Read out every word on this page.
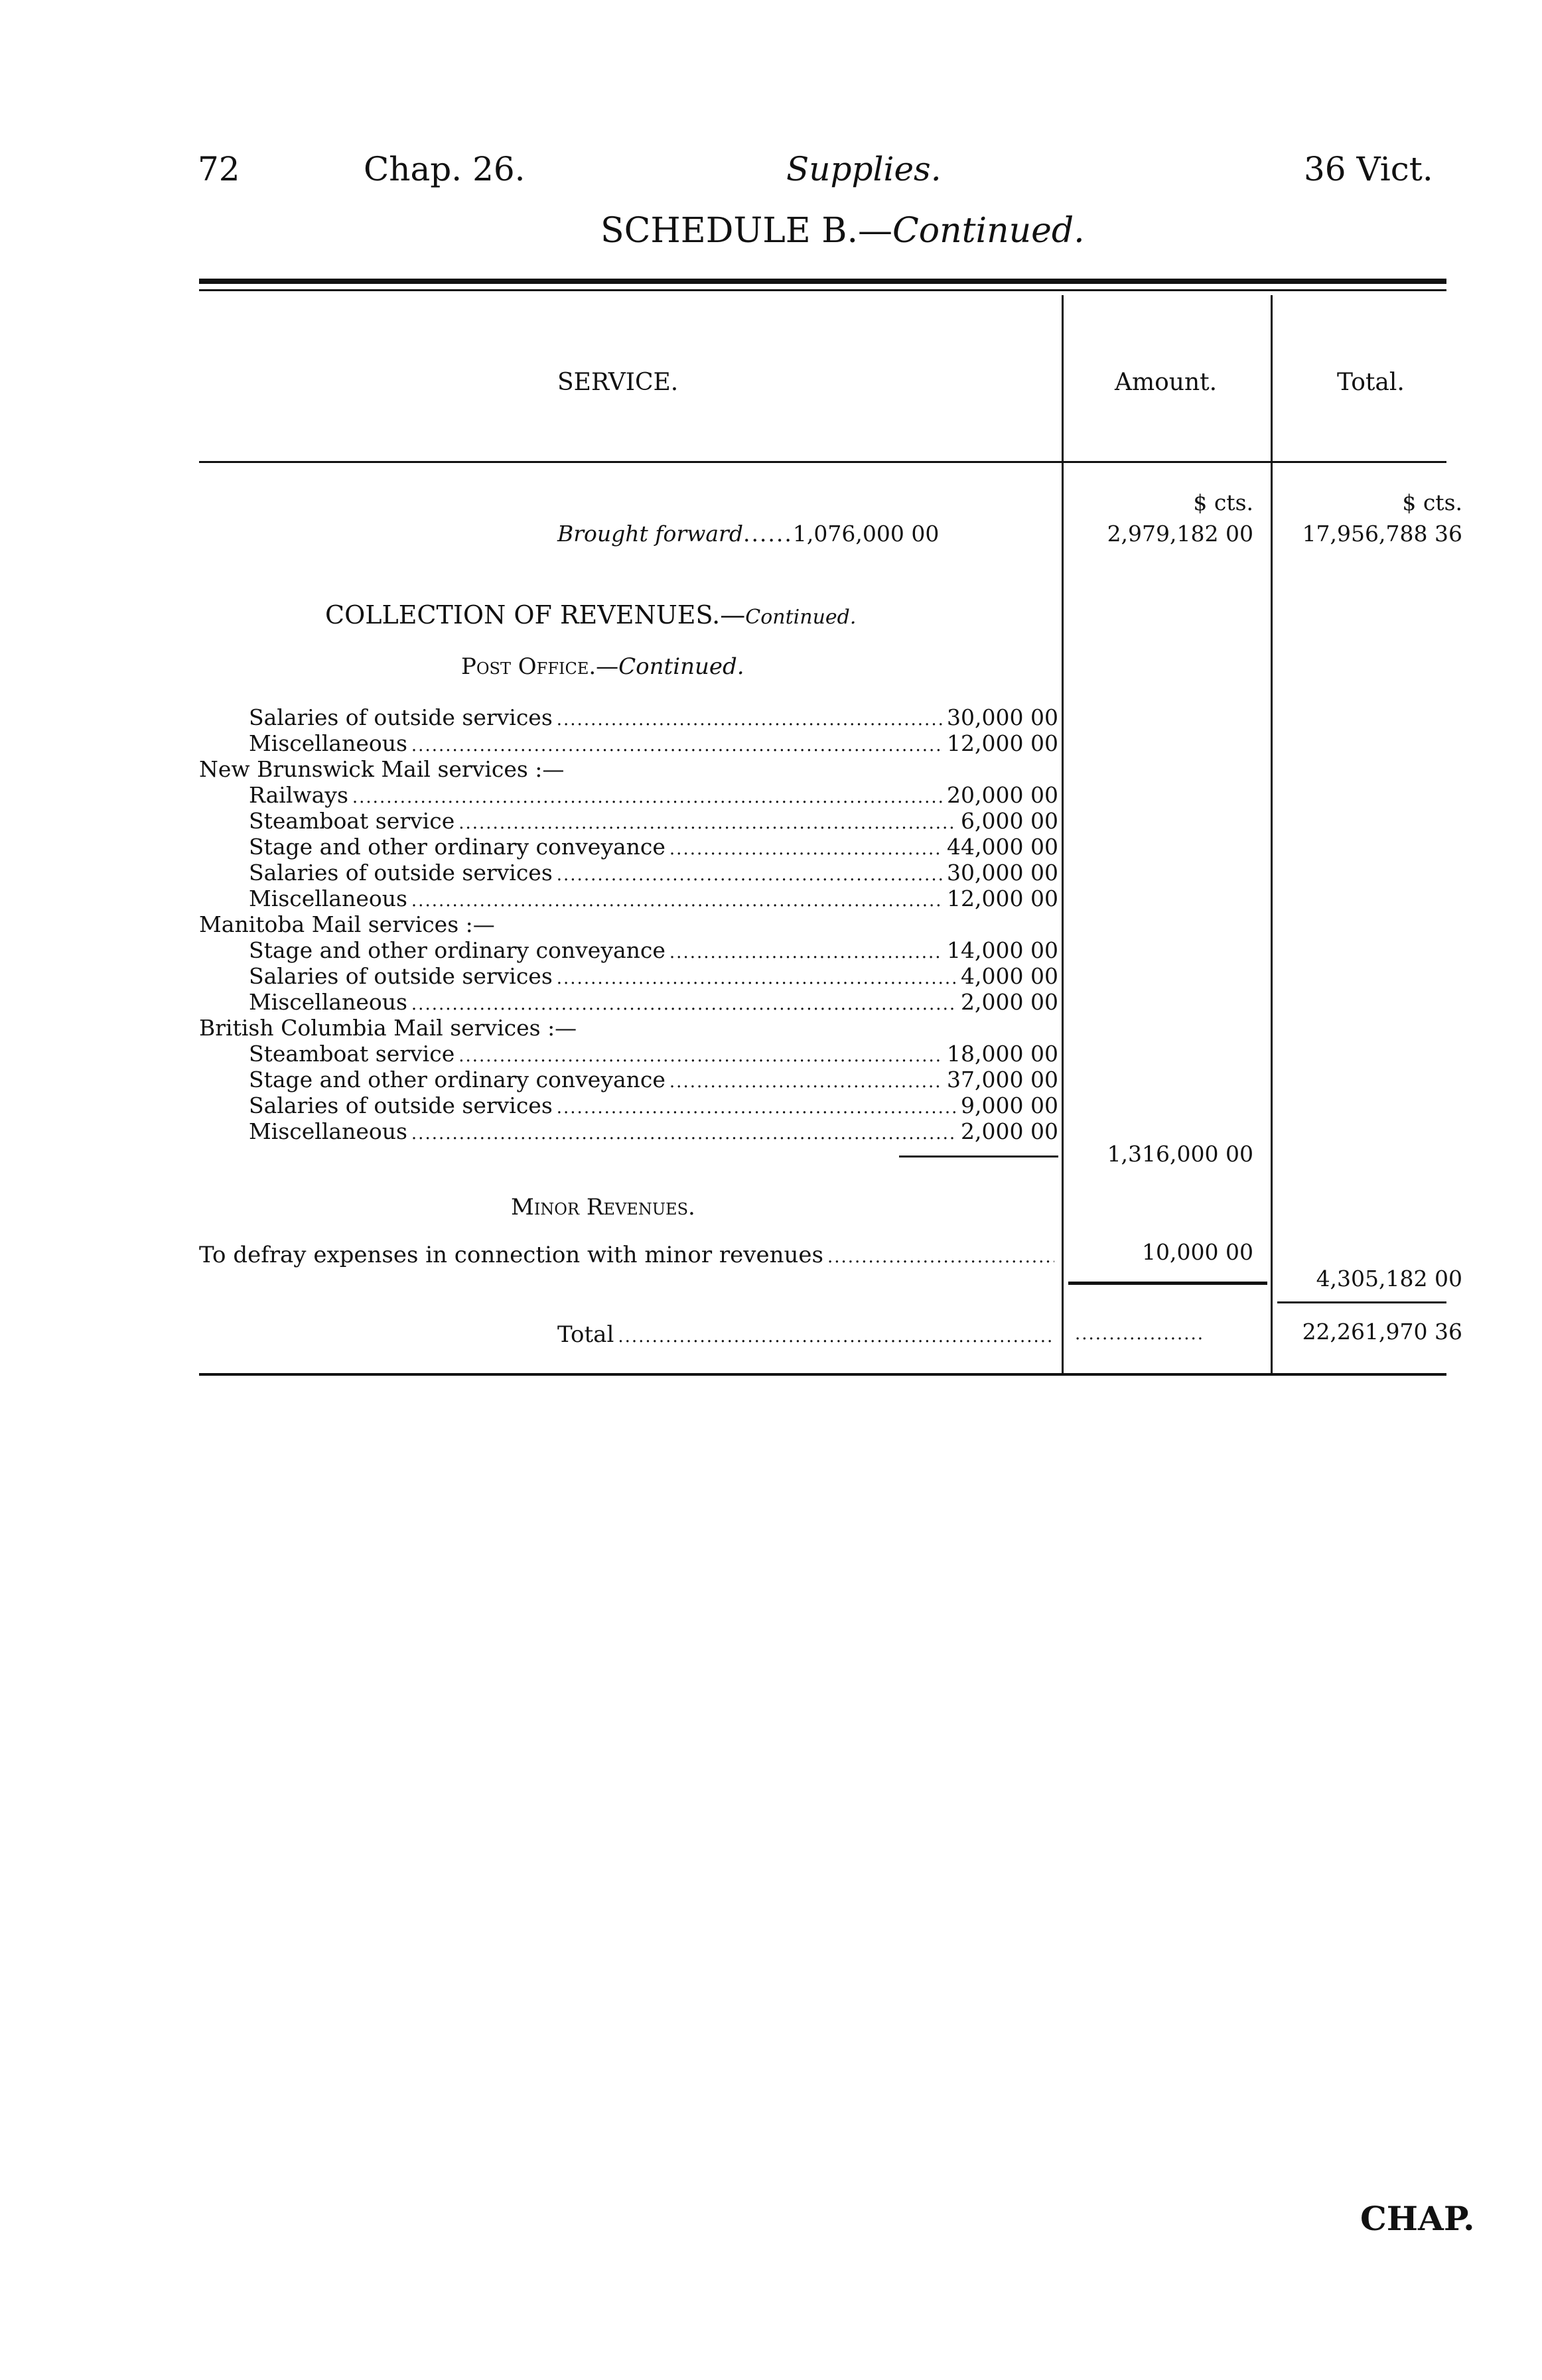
72	Chap. 26.	Supplies.	36 Vict.
SCHEDULE B.—Continued.
SERVICE.	Amount.	Total.
$ cts.	$ cts.
Brought forward......1,076,000 00	2,979,182 00 17,956,788 36
COLLECTION OF REVENUES.—Continued.
Post Office.—Continued.
Salaries of outside services .....	30,000 00
Miscellaneous .....	12,000 00
New Brunswick Mail services :—
Railways .....	20,000 00
Steamboat service .....	6,000 00
Stage and other ordinary conveyance .....	44,000 00
Salaries of outside services .....	30,000 00
Miscellaneous .....	12,000 00
Manitoba Mail services :—
Stage and other ordinary conveyance .....	14,000 00
Salaries of outside services .....	4,000 00
Miscellaneous .....	2,000 00
British Columbia Mail services :—
Steamboat service .....	18,000 00
Stage and other ordinary conveyance .....	37,000 00
Salaries of outside services .....	9,000 00
Miscellaneous .....	2,000 00
1,316,000 00
Minor Revenues.
To defray expenses in connection with minor revenues .....	10,000 00
4,305,182 00
Total .....	...................	22,261,970 36
CHAP.
